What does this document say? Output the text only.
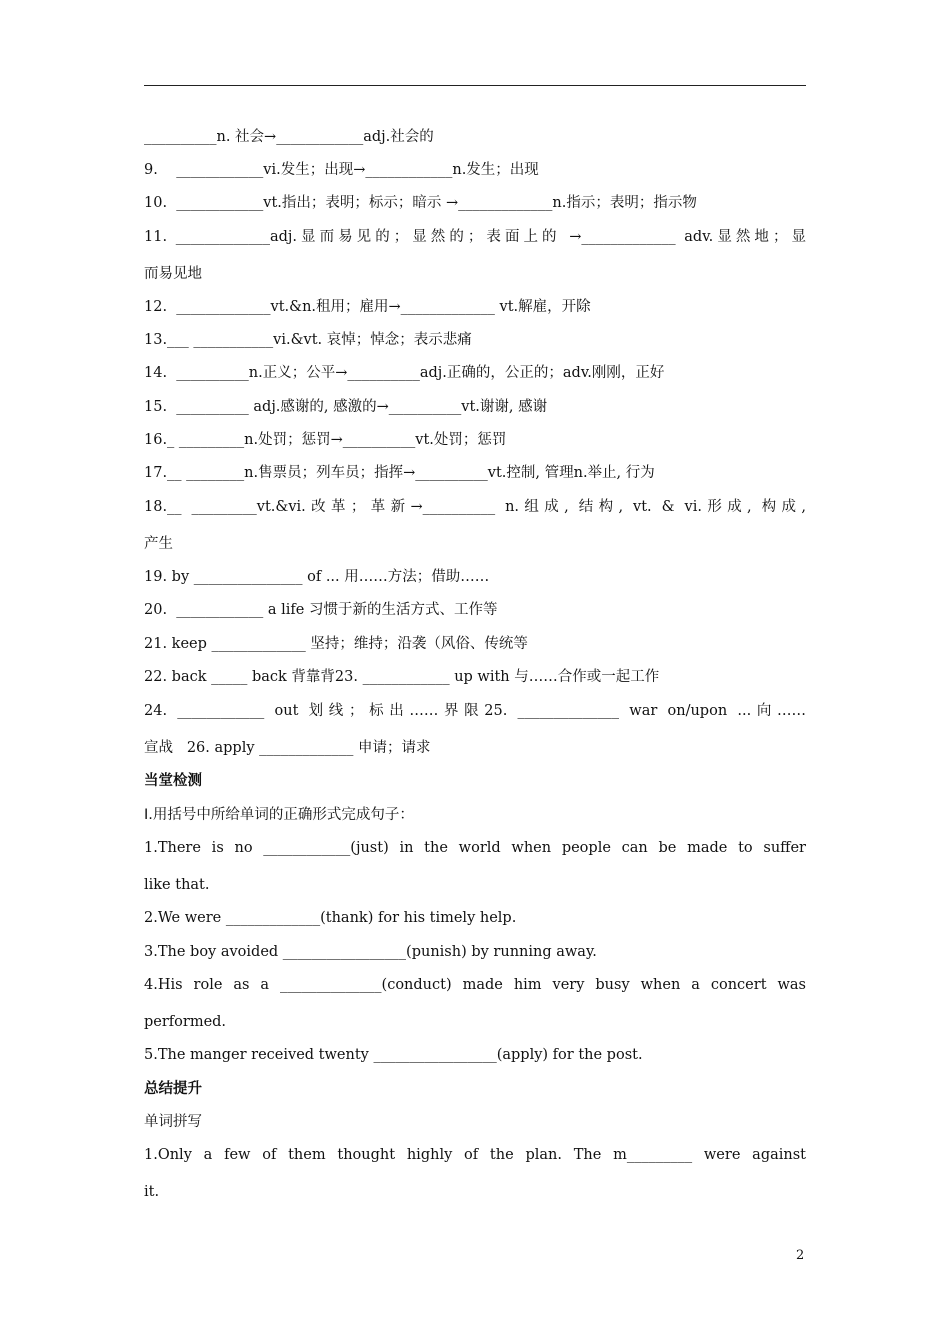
__________n. 社会→____________adj.社会的
9.    ____________vi.发生；出现→____________n.发生；出现
10.  ____________vt.指出；表明；标示；暗示 →_____________n.指示；表明；指示物
11. _____________adj.显而易见的；显然的；表面上的 →_____________ adv.显然地；显
而易见地
12.  _____________vt.&n.租用；雇用→_____________ vt.解雇，开除
13.___ ___________vi.&vt. 哀悼；悼念；表示悲痛
14.  __________n.正义；公平→__________adj.正确的，公正的；adv.刚刚，正好
15.  __________ adj.感谢的, 感激的→__________vt.谢谢, 感谢
16._ _________n.处罚；惩罚→__________vt.处罚；惩罚
17.__ ________n.售票员；列车员；指挥→__________vt.控制, 管理n.举止, 行为
18.__ _________vt.&vi.改革；革新→__________ n.组成, 结构, vt. & vi.形成, 构成,
产生
19. by _______________ of ... 用……方法；借助……
20.  ____________ a life 习惯于新的生活方式、工作等
21. keep _____________ 坚持；维持；沿袭（风俗、传统等
22. back _____ back 背靠背23. ____________ up with 与……合作或一起工作
24. ____________ out 划线；标出……界限25. ______________ war on/upon ...向……
宣战   26. apply _____________ 申请；请求
当堂检测
Ⅰ.用括号中所给单词的正确形式完成句子：
1.There is no ____________(just) in the world when people can be made to suffer
like that.
2.We were _____________(thank) for his timely help.
3.The boy avoided _________________(punish) by running away.
4.His role as a ______________(conduct) made him very busy when a concert was
performed.
5.The manger received twenty _________________(apply) for the post.
总结提升
单词拼写
1.Only a few of them thought highly of the plan. The m_________ were against
it.
2
